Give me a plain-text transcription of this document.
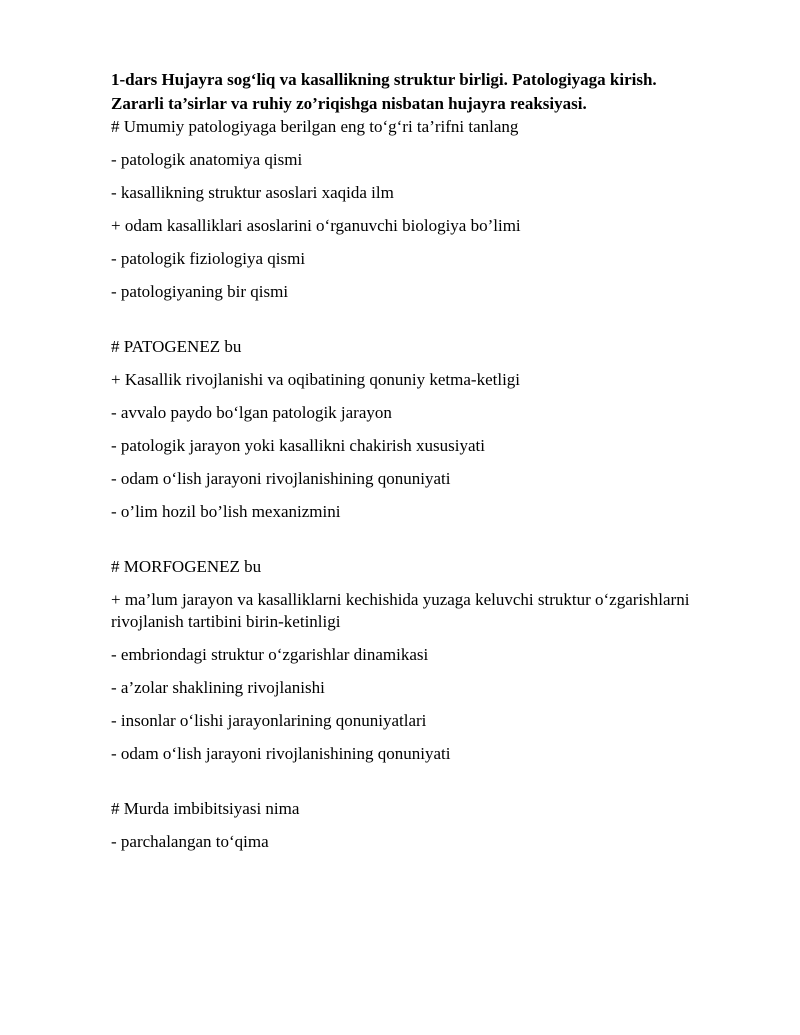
1-dars Hujayra sog‘liq va kasallikning struktur birligi. Patologiyaga kirish.
Zararli ta’sirlar va ruhiy zo’riqishga nisbatan hujayra reaksiyasi.

# Umumiy patologiyaga berilgan eng to‘g‘ri ta’rifni tanlang

- patologik anatomiya qismi

- kasallikning struktur asoslari xaqida ilm

+ odam kasalliklari asoslarini o‘rganuvchi biologiya bo’limi

- patologik fiziologiya qismi

- patologiyaning bir qismi

# PATOGENEZ bu

+ Kasallik rivojlanishi va oqibatining qonuniy ketma-ketligi

- avvalo paydo bo‘lgan patologik jarayon

- patologik jarayon yoki kasallikni chakirish xususiyati

- odam o‘lish jarayoni rivojlanishining qonuniyati

- o’lim hozil bo’lish mexanizmini

# MORFOGENEZ bu

+ ma’lum jarayon va kasalliklarni kechishida yuzaga keluvchi struktur o‘zgarishlarni rivojlanish tartibini birin-ketinligi

- embriondagi struktur o‘zgarishlar dinamikasi

- a’zolar shaklining rivojlanishi

- insonlar o‘lishi jarayonlarining qonuniyatlari

- odam o‘lish jarayoni rivojlanishining qonuniyati

# Murda imbibitsiyasi nima

- parchalangan to‘qima
